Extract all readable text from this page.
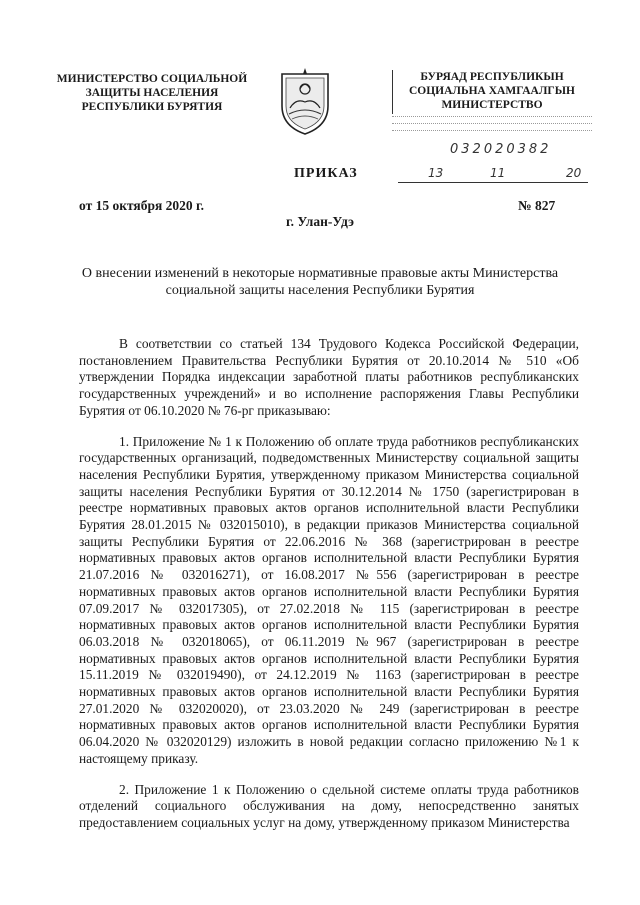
МИНИСТЕРСТВО СОЦИАЛЬНОЙ
ЗАЩИТЫ НАСЕЛЕНИЯ
РЕСПУБЛИКИ БУРЯТИЯ
БУРЯАД РЕСПУБЛИКЫН
СОЦИАЛЬНА ХАМГААЛГЫН
МИНИСТЕРСТВО
032020382
13	11	20
ПРИКАЗ
от 15 октября 2020 г.	№ 827
г. Улан-Удэ
О внесении изменений в некоторые нормативные правовые акты Министерства социальной защиты населения Республики Бурятия

В соответствии со статьей 134 Трудового Кодекса Российской Федерации, постановлением Правительства Республики Бурятия от 20.10.2014 № 510 «Об утверждении Порядка индексации заработной платы работников республиканских государственных учреждений» и во исполнение распоряжения Главы Республики Бурятия от 06.10.2020 № 76-рг приказываю:

1. Приложение № 1 к Положению об оплате труда работников республиканских государственных организаций, подведомственных Министерству социальной защиты населения Республики Бурятия, утвержденному приказом Министерства социальной защиты населения Республики Бурятия от 30.12.2014 № 1750 (зарегистрирован в реестре нормативных правовых актов органов исполнительной власти Республики Бурятия 28.01.2015 № 032015010), в редакции приказов Министерства социальной защиты Республики Бурятия от 22.06.2016 № 368 (зарегистрирован в реестре нормативных правовых актов органов исполнительной власти Республики Бурятия 21.07.2016 № 032016271), от 16.08.2017 №556 (зарегистрирован в реестре нормативных правовых актов органов исполнительной власти Республики Бурятия 07.09.2017 № 032017305), от 27.02.2018 № 115 (зарегистрирован в реестре нормативных правовых актов органов исполнительной власти Республики Бурятия 06.03.2018 № 032018065), от 06.11.2019 №967 (зарегистрирован в реестре нормативных правовых актов органов исполнительной власти Республики Бурятия 15.11.2019 № 032019490), от 24.12.2019 № 1163 (зарегистрирован в реестре нормативных правовых актов органов исполнительной власти Республики Бурятия 27.01.2020 № 032020020), от 23.03.2020 № 249 (зарегистрирован в реестре нормативных правовых актов органов исполнительной власти Республики Бурятия 06.04.2020 № 032020129) изложить в новой редакции согласно приложению №1 к настоящему приказу.

2. Приложение 1 к Положению о сдельной системе оплаты труда работников отделений социального обслуживания на дому, непосредственно занятых предоставлением социальных услуг на дому, утвержденному приказом Министерства
